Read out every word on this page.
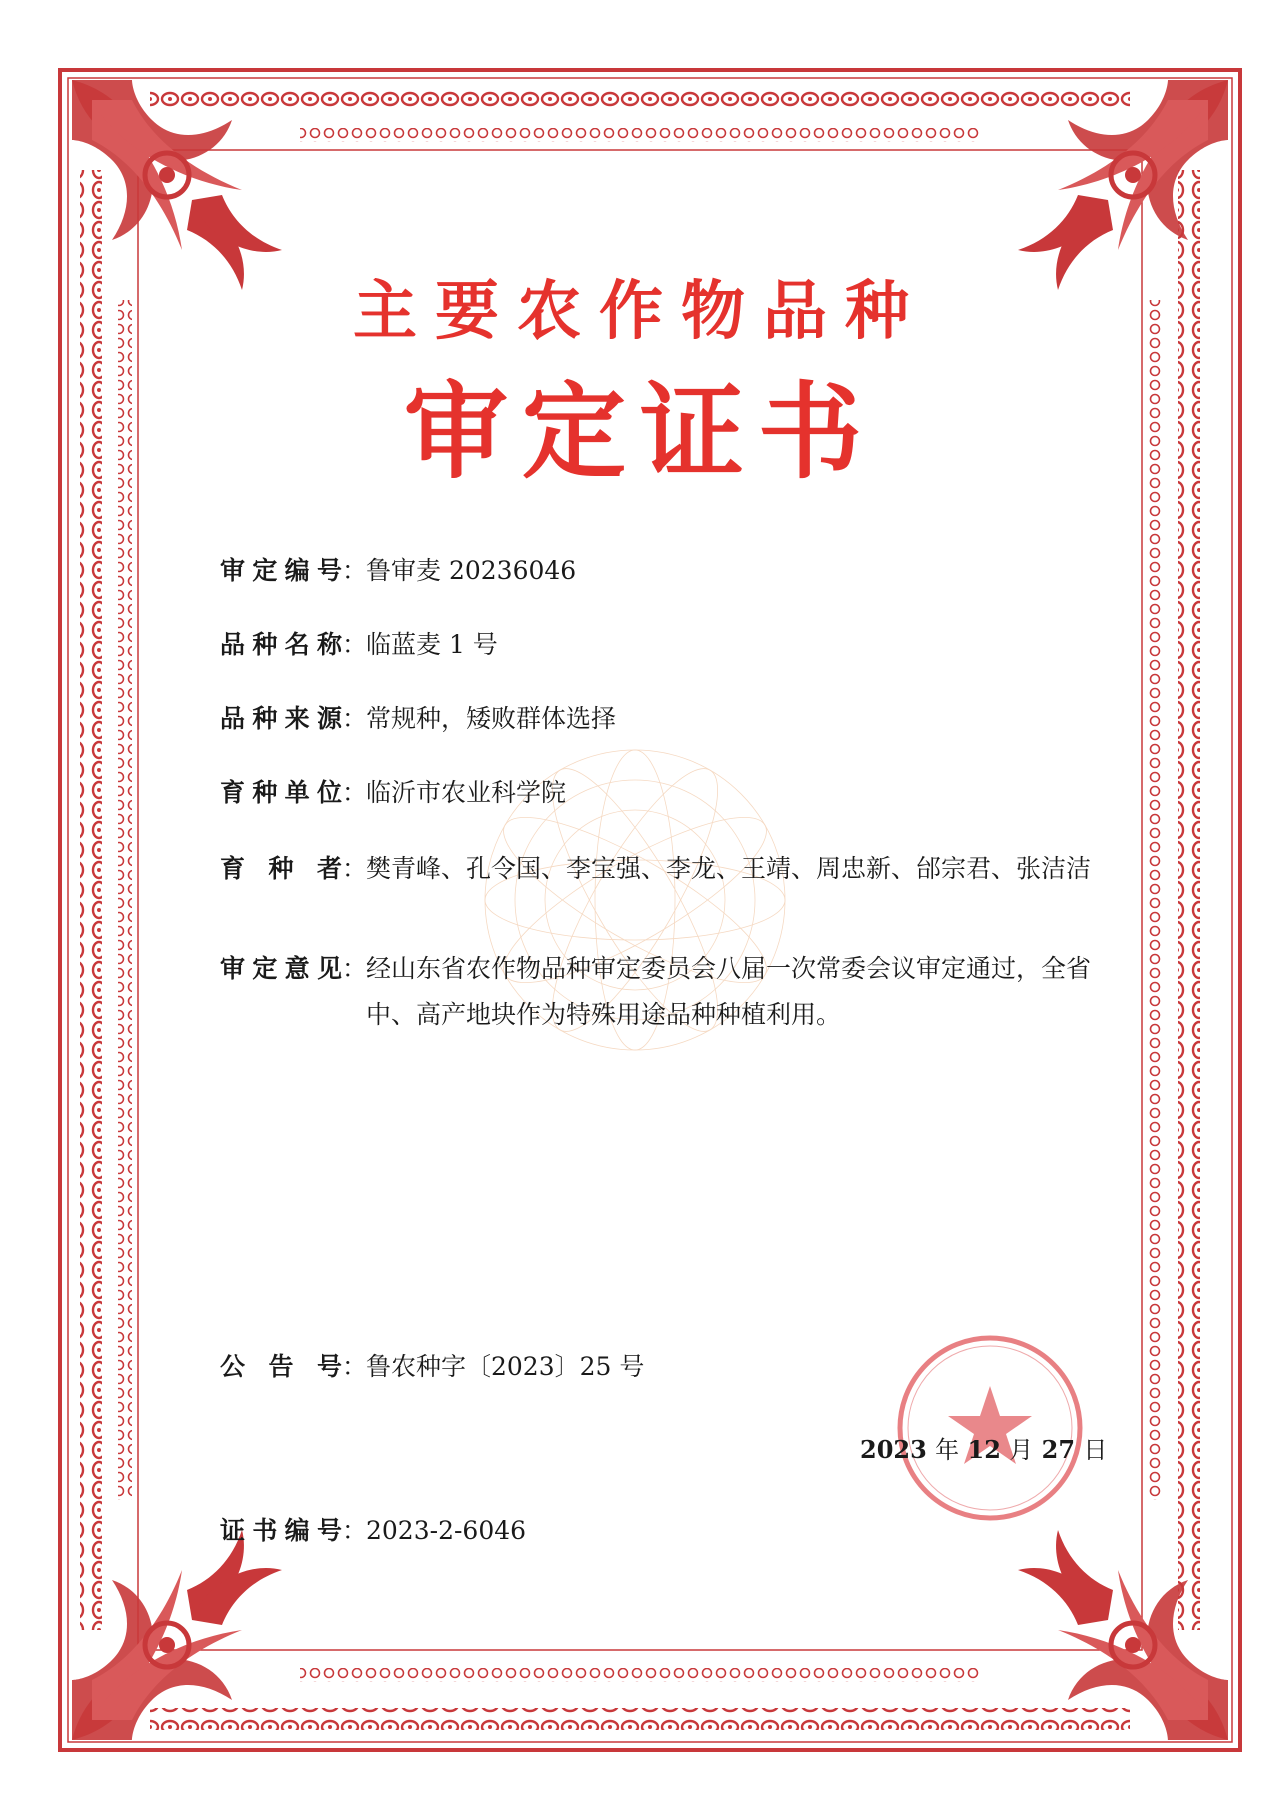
主要农作物品种
审定证书
审定编号 ：
鲁审麦 20236046
品种名称 ：
临蓝麦 1 号
品种来源 ：
常规种，矮败群体选择
育种单位 ：
临沂市农业科学院
育种者 ：
樊青峰、孔令国、李宝强、李龙、王靖、周忠新、邰宗君、张洁洁
审定意见 ：
经山东省农作物品种审定委员会八届一次常委会议审定通过，全省中、高产地块作为特殊用途品种种植利用。
公告号 ：
鲁农种字〔2023〕25 号
2023 年 12 月 27 日
证书编号 ：
2023-2-6046
